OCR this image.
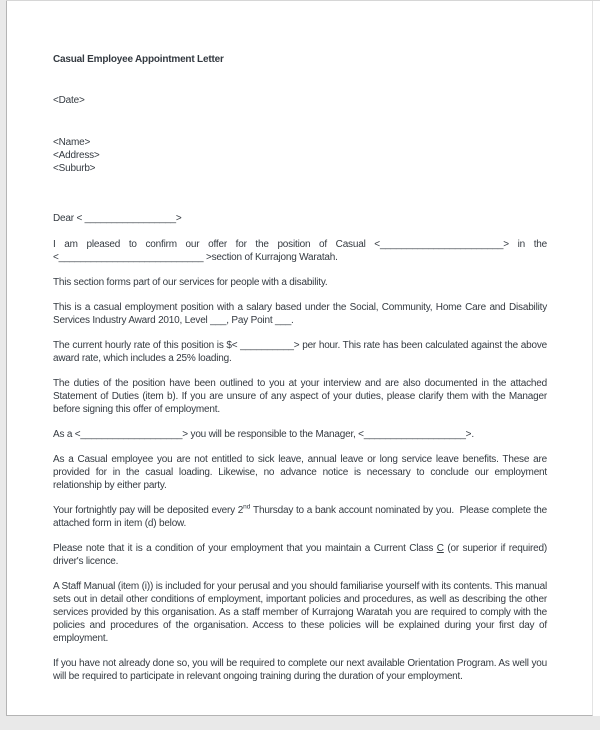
Casual Employee Appointment Letter

<Date>

<Name>
<Address>
<Suburb>

Dear < _________________>

I am pleased to confirm our offer for the position of Casual <_______________________> in the <___________________________ >section of Kurrajong Waratah.

This section forms part of our services for people with a disability.

This is a casual employment position with a salary based under the Social, Community, Home Care and Disability Services Industry Award 2010, Level ___, Pay Point ___.

The current hourly rate of this position is $< __________> per hour. This rate has been calculated against the above award rate, which includes a 25% loading.

The duties of the position have been outlined to you at your interview and are also documented in the attached Statement of Duties (item b). If you are unsure of any aspect of your duties, please clarify them with the Manager before signing this offer of employment.

As a <___________________> you will be responsible to the Manager, <___________________>.

As a Casual employee you are not entitled to sick leave, annual leave or long service leave benefits. These are provided for in the casual loading. Likewise, no advance notice is necessary to conclude our employment relationship by either party.

Your fortnightly pay will be deposited every 2nd Thursday to a bank account nominated by you.  Please complete the attached form in item (d) below.

Please note that it is a condition of your employment that you maintain a Current Class C (or superior if required) driver's licence.

A Staff Manual (item (i)) is included for your perusal and you should familiarise yourself with its contents. This manual sets out in detail other conditions of employment, important policies and procedures, as well as describing the other services provided by this organisation. As a staff member of Kurrajong Waratah you are required to comply with the policies and procedures of the organisation. Access to these policies will be explained during your first day of employment.

If you have not already done so, you will be required to complete our next available Orientation Program. As well you will be required to participate in relevant ongoing training during the duration of your employment.
